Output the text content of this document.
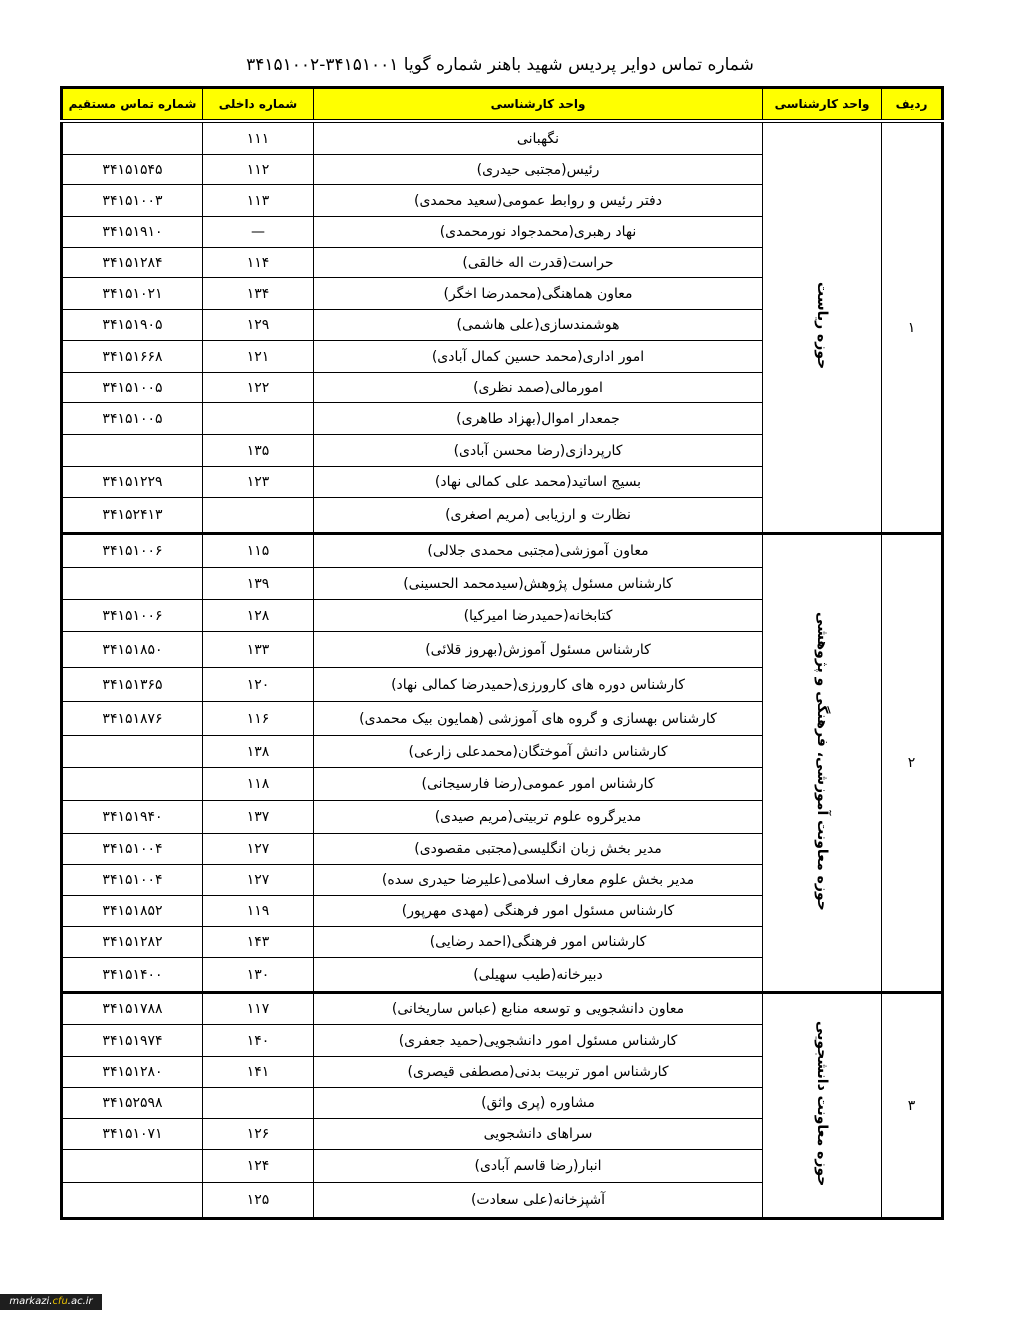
شماره تماس دوایر پردیس شهید باهنر شماره گویا ۳۴۱۵۱۰۰۱-۳۴۱۵۱۰۰۲
ردیف	واحد کارشناسی	واحد کارشناسی	شماره داخلی	شماره تماس مستقیم
۱	حوزه ریاست	نگهبانی	۱۱۱	
		رئیس(مجتبی حیدری)	۱۱۲	۳۴۱۵۱۵۴۵
		دفتر رئیس و روابط عمومی(سعید محمدی)	۱۱۳	۳۴۱۵۱۰۰۳
		نهاد رهبری(محمدجواد نورمحمدی)	—	۳۴۱۵۱۹۱۰
		حراست(قدرت اله خالقی)	۱۱۴	۳۴۱۵۱۲۸۴
		معاون هماهنگی(محمدرضا اخگر)	۱۳۴	۳۴۱۵۱۰۲۱
		هوشمندسازی(علی هاشمی)	۱۲۹	۳۴۱۵۱۹۰۵
		امور اداری(محمد حسین کمال آبادی)	۱۲۱	۳۴۱۵۱۶۶۸
		امورمالی(صمد نظری)	۱۲۲	۳۴۱۵۱۰۰۵
		جمعدار اموال(بهزاد طاهری)		۳۴۱۵۱۰۰۵
		کارپردازی(رضا محسن آبادی)	۱۳۵	
		بسیج اساتید(محمد علی کمالی نهاد)	۱۲۳	۳۴۱۵۱۲۲۹
		نظارت و ارزیابی (مریم اصغری)		۳۴۱۵۲۴۱۳
۲	حوزه معاونت آموزشی، فرهنگی و پژوهشی	معاون آموزشی(مجتبی محمدی جلالی)	۱۱۵	۳۴۱۵۱۰۰۶
		کارشناس مسئول پژوهش(سیدمحمد الحسینی)	۱۳۹	
		کتابخانه(حمیدرضا امیرکیا)	۱۲۸	۳۴۱۵۱۰۰۶
		کارشناس مسئول آموزش(بهروز قلائی)	۱۳۳	۳۴۱۵۱۸۵۰
		کارشناس دوره های کارورزی(حمیدرضا کمالی نهاد)	۱۲۰	۳۴۱۵۱۳۶۵
		کارشناس بهسازی و گروه های آموزشی (همایون بیک محمدی)	۱۱۶	۳۴۱۵۱۸۷۶
		کارشناس دانش آموختگان(محمدعلی زارعی)	۱۳۸	
		کارشناس امور عمومی(رضا فارسیجانی)	۱۱۸	
		مدیرگروه علوم تربیتی(مریم صیدی)	۱۳۷	۳۴۱۵۱۹۴۰
		مدیر بخش زبان انگلیسی(مجتبی مقصودی)	۱۲۷	۳۴۱۵۱۰۰۴
		مدیر بخش علوم معارف اسلامی(علیرضا حیدری سده)	۱۲۷	۳۴۱۵۱۰۰۴
		کارشناس مسئول امور فرهنگی (مهدی مهرپور)	۱۱۹	۳۴۱۵۱۸۵۲
		کارشناس امور فرهنگی(احمد رضایی)	۱۴۳	۳۴۱۵۱۲۸۲
		دبیرخانه(طیب سهیلی)	۱۳۰	۳۴۱۵۱۴۰۰
۳	حوزه معاونت دانشجویی	معاون دانشجویی و توسعه منابع (عباس ساریخانی)	۱۱۷	۳۴۱۵۱۷۸۸
		کارشناس مسئول امور دانشجویی(حمید جعفری)	۱۴۰	۳۴۱۵۱۹۷۴
		کارشناس امور تربیت بدنی(مصطفی قیصری)	۱۴۱	۳۴۱۵۱۲۸۰
		مشاوره (پری واثق)		۳۴۱۵۲۵۹۸
		سراهای دانشجویی	۱۲۶	۳۴۱۵۱۰۷۱
		انبار(رضا قاسم آبادی)	۱۲۴	
		آشپزخانه(علی سعادت)	۱۲۵	
markazi.cfu.ac.ir
